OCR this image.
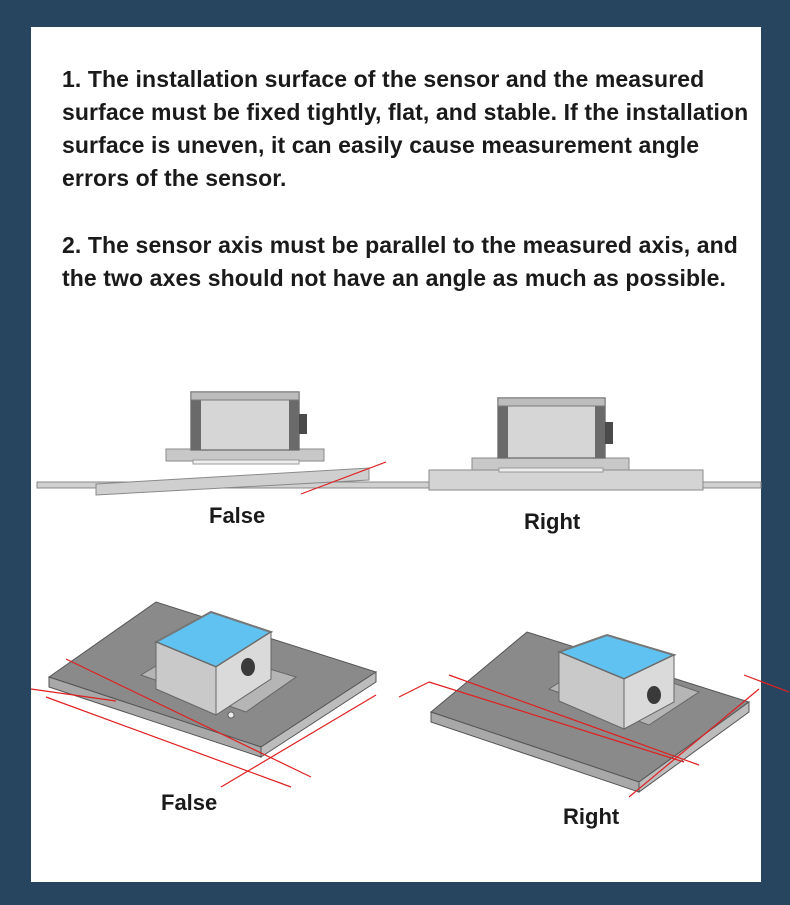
1. The installation surface of the sensor and the measured surface must be fixed tightly, flat, and stable. If the installation surface is uneven, it can easily cause measurement angle errors of the sensor.

2. The sensor axis must be parallel to the measured axis, and the two axes should not have an angle as much as possible.

False	Right
False
Right
